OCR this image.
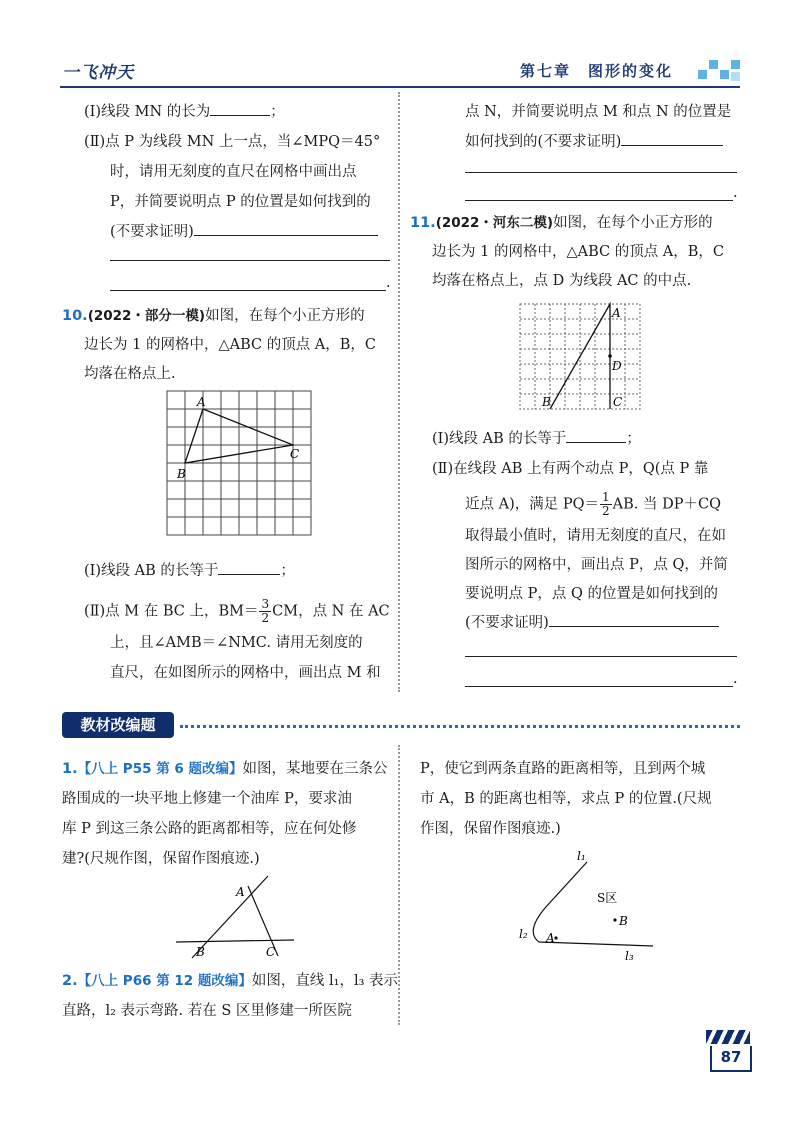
一飞冲天	第七章　图形的变化
(Ⅰ)线段 MN 的长为	；
(Ⅱ)点 P 为线段 MN 上一点，当∠MPQ＝45°
时，请用无刻度的直尺在网格中画出点
P，并简要说明点 P 的位置是如何找到的
(不要求证明)
.
10.(2022・部分一模)如图，在每个小正方形的
边长为 1 的网格中，△ABC 的顶点 A，B，C
均落在格点上.
A
B
C
(Ⅰ)线段 AB 的长等于	；
(Ⅱ)点 M 在 BC 上，$BM= \frac{3}{2}$ CM，点 N 在 AC
上，且∠AMB＝∠NMC. 请用无刻度的
直尺，在如图所示的网格中，画出点 M 和
点 N，并简要说明点 M 和点 N 的位置是
如何找到的(不要求证明)
.
11.(2022・河东二模)如图，在每个小正方形的
边长为 1 的网格中，△ABC 的顶点 A，B，C
均落在格点上，点 D 为线段 AC 的中点.
A
B	C
D
(Ⅰ)线段 AB 的长等于	；
(Ⅱ)在线段 AB 上有两个动点 P，Q(点 P 靠
近点 A)，满足 $PQ= \frac{1}{2}$ AB. 当 DP＋CQ
取得最小值时，请用无刻度的直尺，在如
图所示的网格中，画出点 P，点 Q，并简
要说明点 P，点 Q 的位置是如何找到的
(不要求证明)
.
教材改编题
1.【八上 P55 第 6 题改编】如图，某地要在三条公
路围成的一块平地上修建一个油库 P，要求油
库 P 到这三条公路的距离都相等，应在何处修
建?(尺规作图，保留作图痕迹.)
A
B	C
2.【八上 P66 第 12 题改编】如图，直线 l₁，l₃ 表示
直路，l₂ 表示弯路. 若在 S 区里修建一所医院
P，使它到两条直路的距离相等，且到两个城
市 A，B 的距离也相等，求点 P 的位置.(尺规
作图，保留作图痕迹.)
l₁
l₂
l₃
S区
A
B
87
